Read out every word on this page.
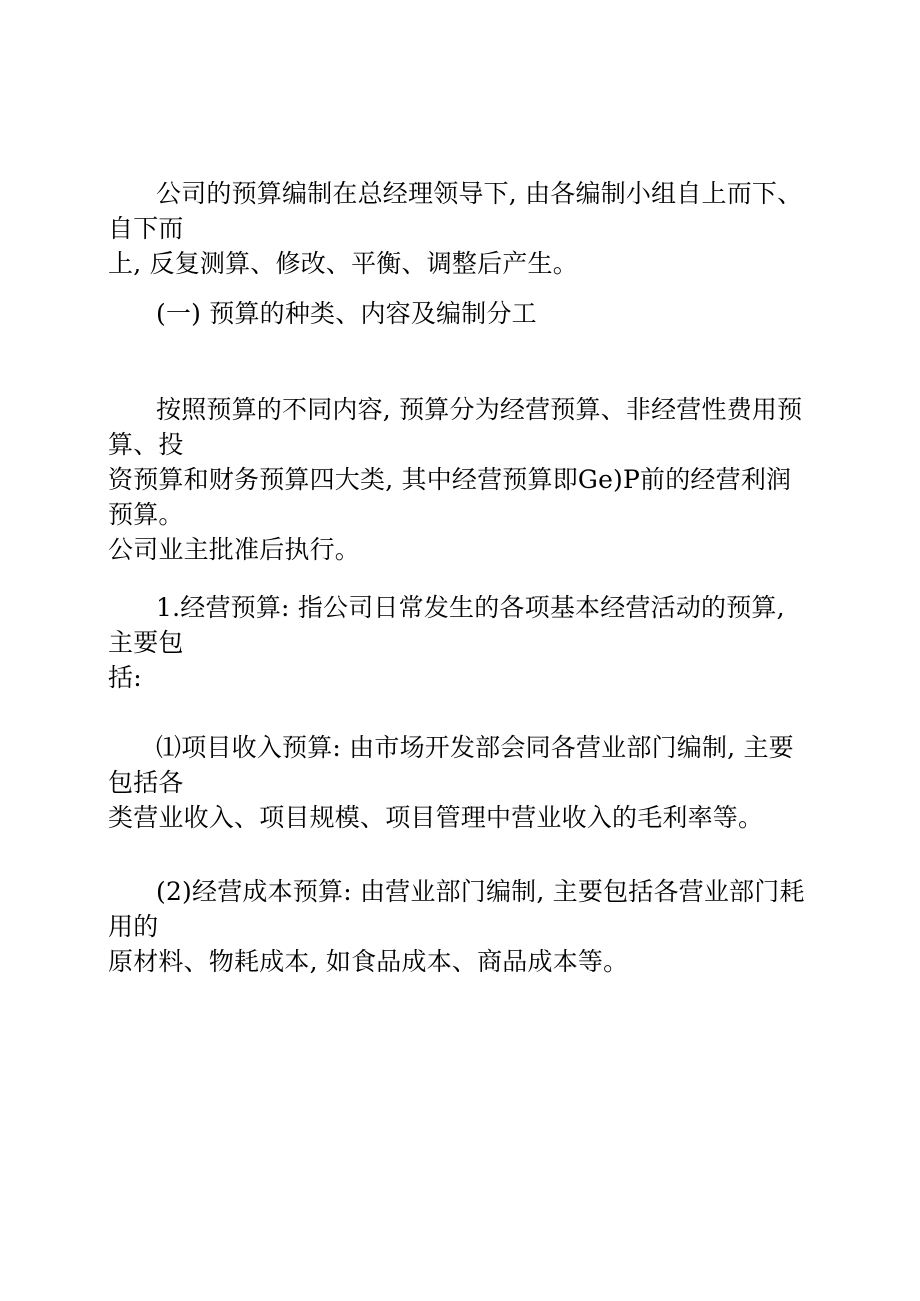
公司的预算编制在总经理领导下, 由各编制小组自上而下、自下而
上, 反复测算、修改、平衡、调整后产生。

(一) 预算的种类、内容及编制分工

按照预算的不同内容, 预算分为经营预算、非经营性费用预算、投
资预算和财务预算四大类, 其中经营预算即Ge)P前的经营利润预算。
公司业主批准后执行。

1.经营预算: 指公司日常发生的各项基本经营活动的预算, 主要包
括:

⑴项目收入预算: 由市场开发部会同各营业部门编制, 主要包括各
类营业收入、项目规模、项目管理中营业收入的毛利率等。

(2)经营成本预算: 由营业部门编制, 主要包括各营业部门耗用的
原材料、物耗成本, 如食品成本、商品成本等。
